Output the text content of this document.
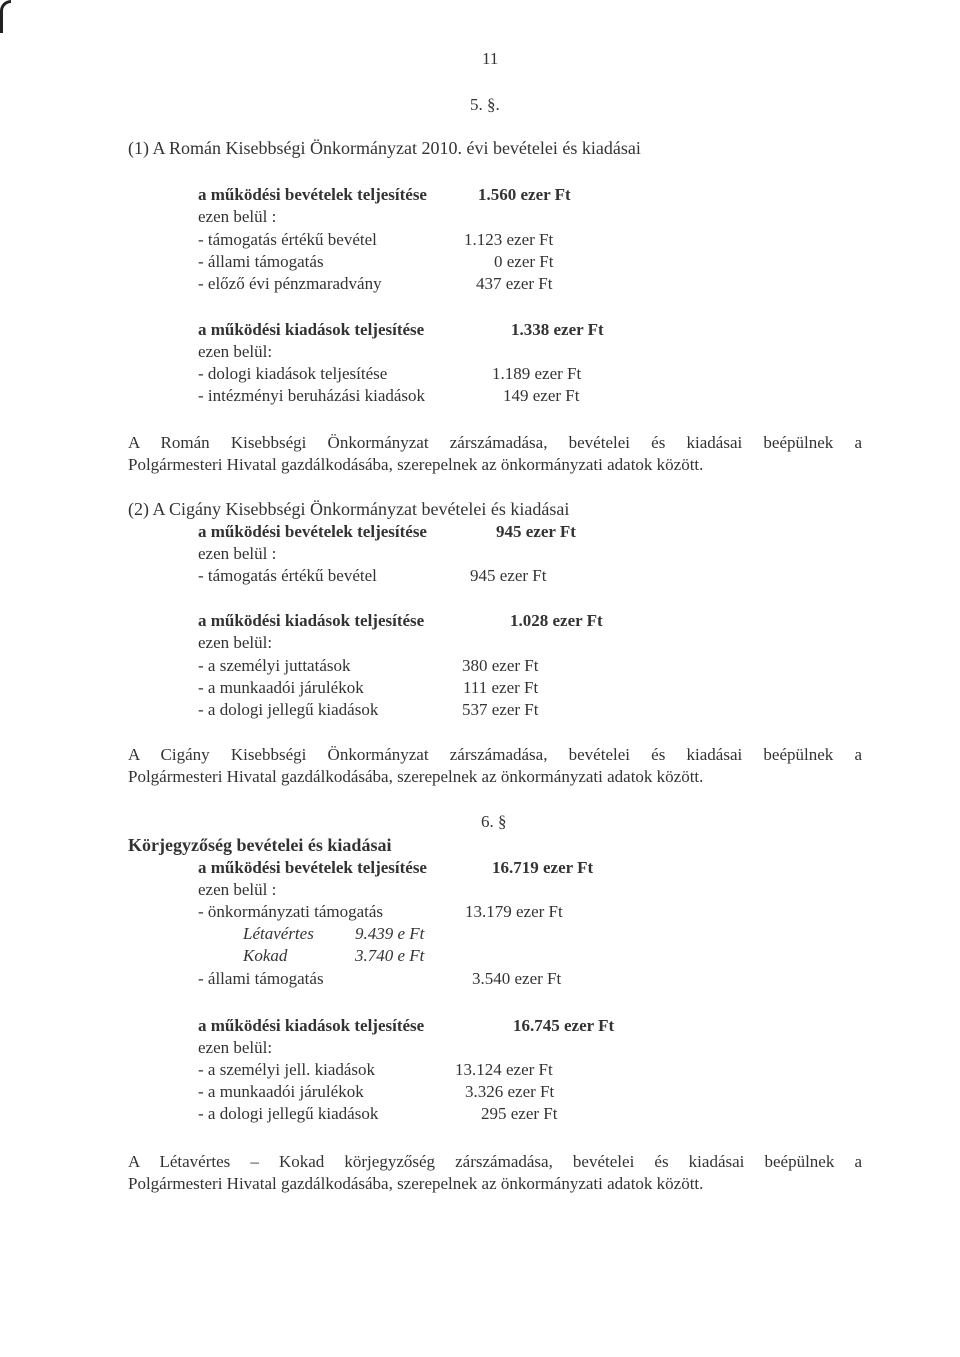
11
5. §.
(1) A Román Kisebbségi Önkormányzat 2010. évi bevételei és kiadásai
a működési bevételek teljesítése	1.560 ezer Ft
ezen belül :
- támogatás értékű bevétel	1.123 ezer Ft
- állami támogatás	0 ezer Ft
- előző évi pénzmaradvány	437 ezer Ft
a működési kiadások teljesítése	1.338 ezer Ft
ezen belül:
- dologi kiadások teljesítése	1.189 ezer Ft
- intézményi beruházási kiadások	149 ezer Ft
A Román Kisebbségi Önkormányzat zárszámadása, bevételei és kiadásai beépülnek a
Polgármesteri Hivatal gazdálkodásába, szerepelnek az önkormányzati adatok között.
(2) A Cigány Kisebbségi Önkormányzat bevételei és kiadásai
a működési bevételek teljesítése	945 ezer Ft
ezen belül :
- támogatás értékű bevétel	945 ezer Ft
a működési kiadások teljesítése	1.028 ezer Ft
ezen belül:
- a személyi juttatások	380 ezer Ft
- a munkaadói járulékok	111 ezer Ft
- a dologi jellegű kiadások	537 ezer Ft
A Cigány Kisebbségi Önkormányzat zárszámadása, bevételei és kiadásai beépülnek a
Polgármesteri Hivatal gazdálkodásába, szerepelnek az önkormányzati adatok között.
6. §
Körjegyzőség bevételei és kiadásai
a működési bevételek teljesítése	16.719 ezer Ft
ezen belül :
- önkormányzati támogatás	13.179 ezer Ft
Létavértes 9.439 e Ft
Kokad	3.740 e Ft
- állami támogatás	3.540 ezer Ft
a működési kiadások teljesítése	16.745 ezer Ft
ezen belül:
- a személyi jell. kiadások	13.124 ezer Ft
- a munkaadói járulékok	3.326 ezer Ft
- a dologi jellegű kiadások	295 ezer Ft
A Létavértes – Kokad körjegyzőség zárszámadása, bevételei és kiadásai beépülnek a
Polgármesteri Hivatal gazdálkodásába, szerepelnek az önkormányzati adatok között.
